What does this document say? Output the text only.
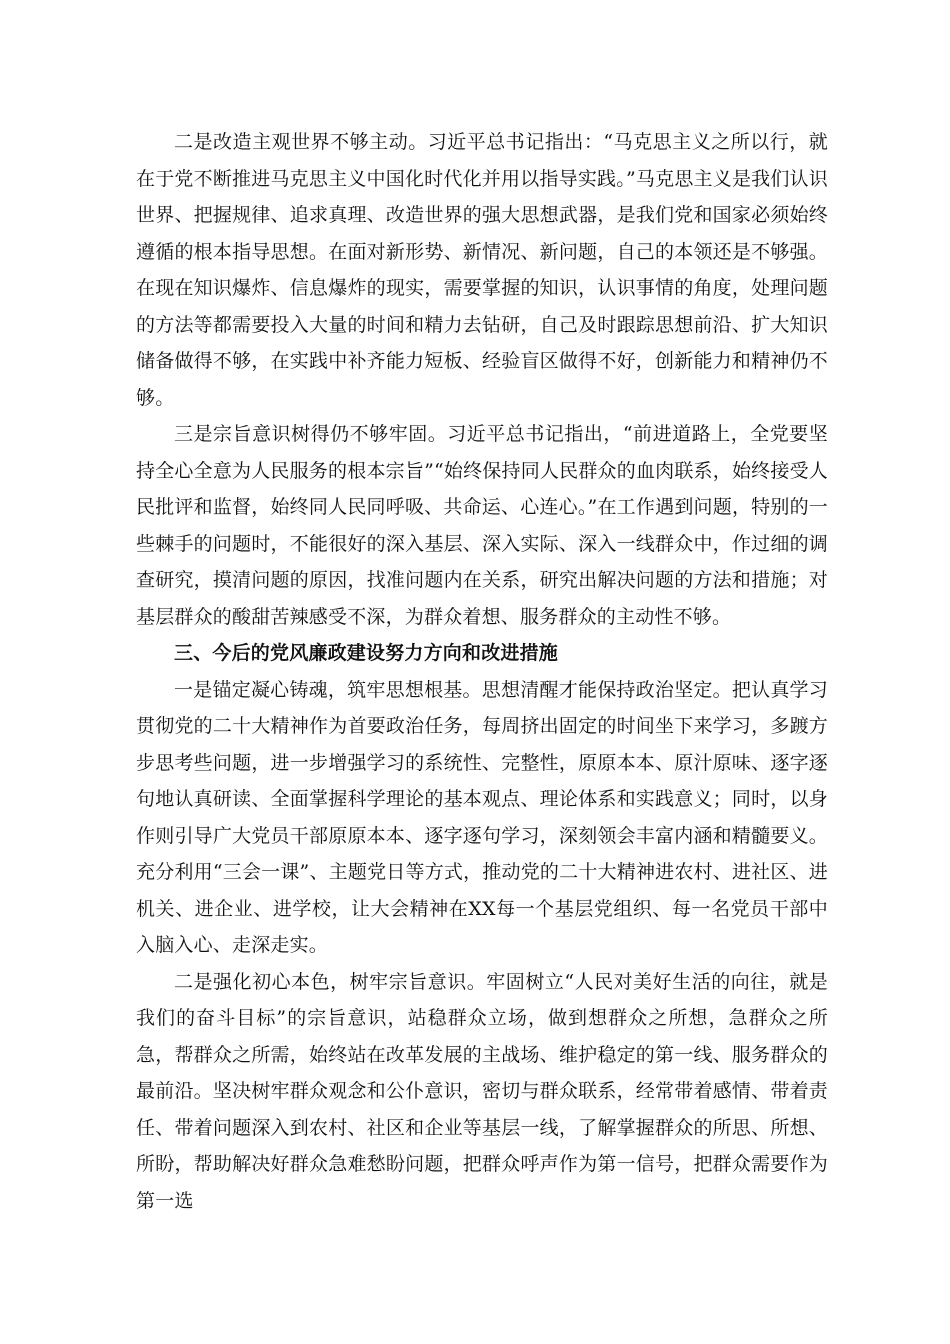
二是改造主观世界不够主动。习近平总书记指出：“马克思主义之所以行，就在于党不断推进马克思主义中国化时代化并用以指导实践。”马克思主义是我们认识世界、把握规律、追求真理、改造世界的强大思想武器，是我们党和国家必须始终遵循的根本指导思想。在面对新形势、新情况、新问题，自己的本领还是不够强。在现在知识爆炸、信息爆炸的现实，需要掌握的知识，认识事情的角度，处理问题的方法等都需要投入大量的时间和精力去钻研，自己及时跟踪思想前沿、扩大知识储备做得不够，在实践中补齐能力短板、经验盲区做得不好，创新能力和精神仍不够。

三是宗旨意识树得仍不够牢固。习近平总书记指出，“前进道路上，全党要坚持全心全意为人民服务的根本宗旨”“始终保持同人民群众的血肉联系，始终接受人民批评和监督，始终同人民同呼吸、共命运、心连心。”在工作遇到问题，特别的一些棘手的问题时，不能很好的深入基层、深入实际、深入一线群众中，作过细的调查研究，摸清问题的原因，找准问题内在关系，研究出解决问题的方法和措施；对基层群众的酸甜苦辣感受不深，为群众着想、服务群众的主动性不够。

三、今后的党风廉政建设努力方向和改进措施

一是锚定凝心铸魂，筑牢思想根基。思想清醒才能保持政治坚定。把认真学习贯彻党的二十大精神作为首要政治任务，每周挤出固定的时间坐下来学习，多踱方步思考些问题，进一步增强学习的系统性、完整性，原原本本、原汁原味、逐字逐句地认真研读、全面掌握科学理论的基本观点、理论体系和实践意义；同时，以身作则引导广大党员干部原原本本、逐字逐句学习，深刻领会丰富内涵和精髓要义。充分利用“三会一课”、主题党日等方式，推动党的二十大精神进农村、进社区、进机关、进企业、进学校，让大会精神在XX每一个基层党组织、每一名党员干部中入脑入心、走深走实。

二是强化初心本色，树牢宗旨意识。牢固树立“人民对美好生活的向往，就是我们的奋斗目标”的宗旨意识，站稳群众立场，做到想群众之所想，急群众之所急，帮群众之所需，始终站在改革发展的主战场、维护稳定的第一线、服务群众的最前沿。坚决树牢群众观念和公仆意识，密切与群众联系，经常带着感情、带着责任、带着问题深入到农村、社区和企业等基层一线，了解掌握群众的所思、所想、所盼，帮助解决好群众急难愁盼问题，把群众呼声作为第一信号，把群众需要作为第一选
